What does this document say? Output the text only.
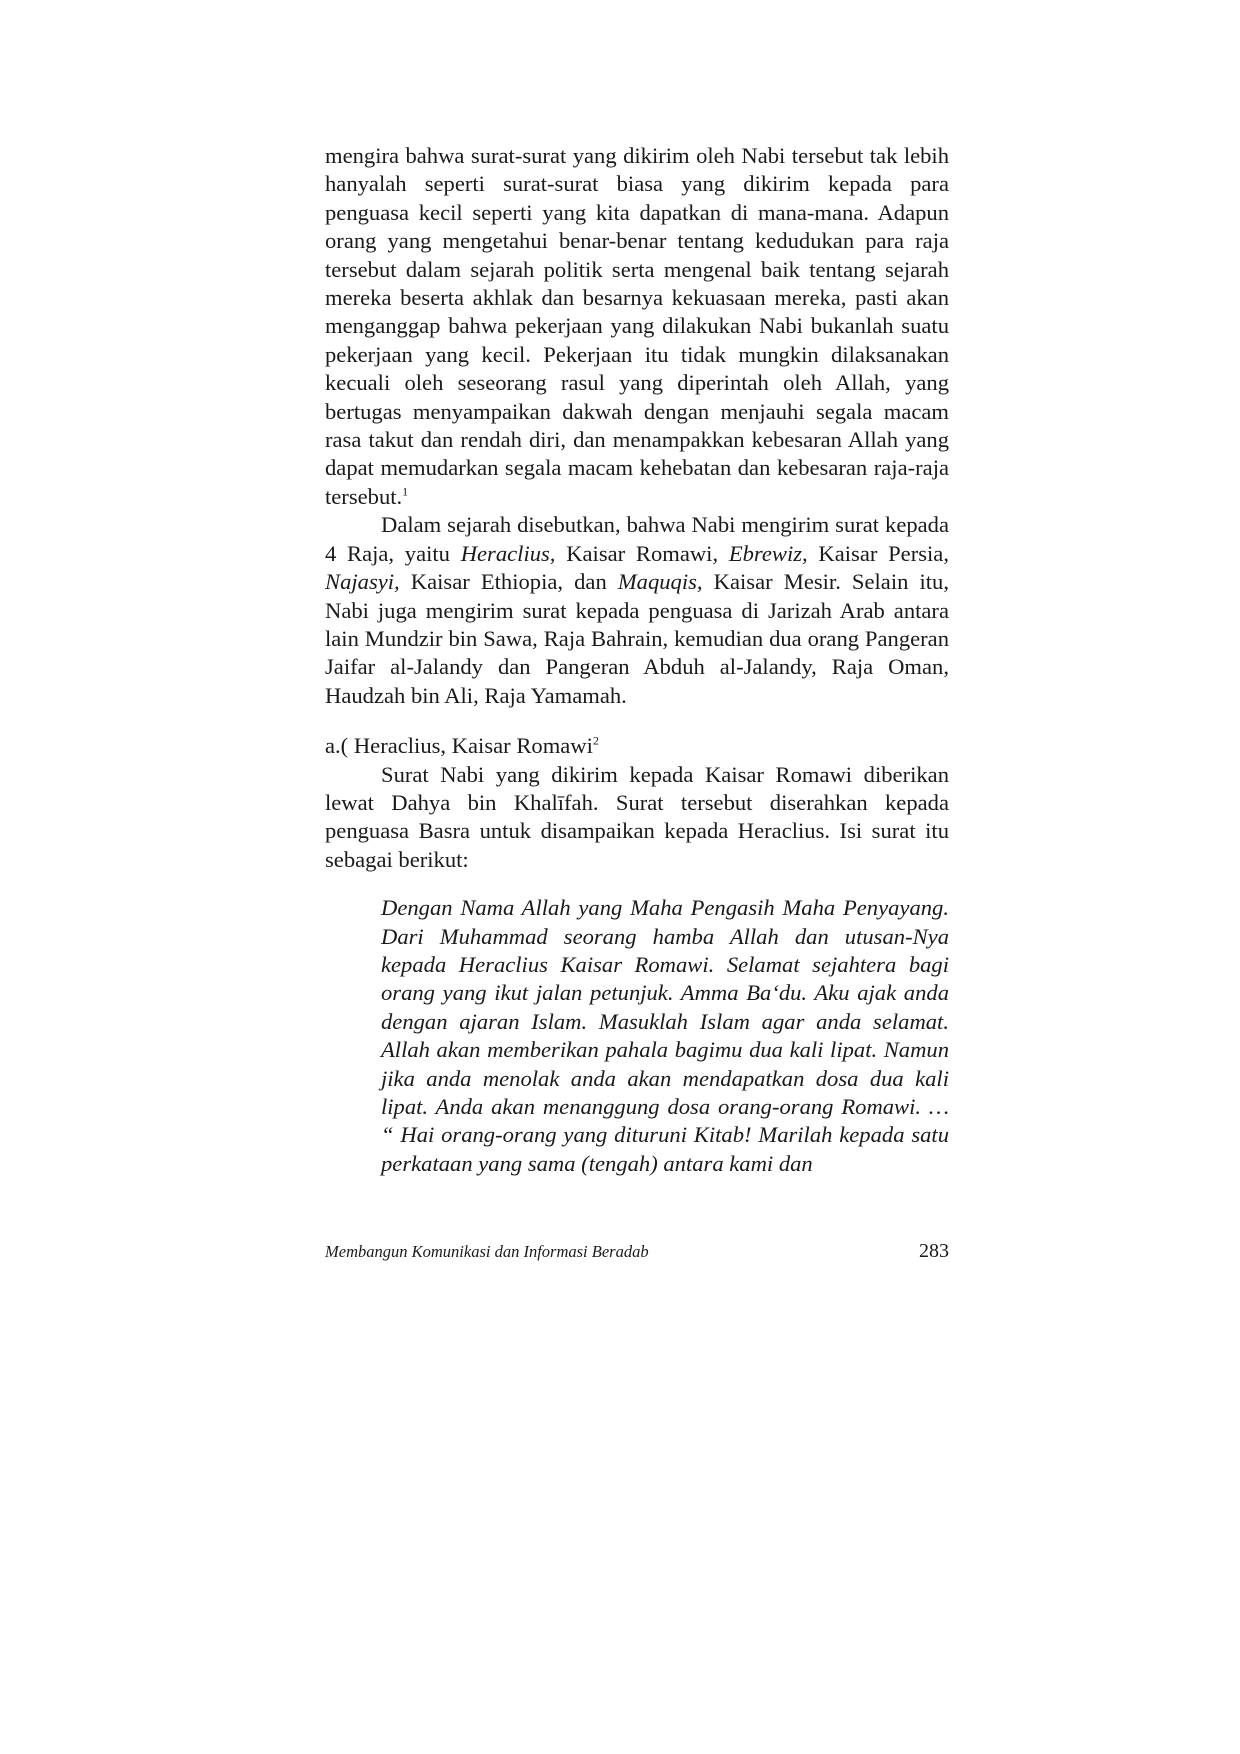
mengira bahwa surat-surat yang dikirim oleh Nabi tersebut tak lebih hanyalah seperti surat-surat biasa yang dikirim kepada para penguasa kecil seperti yang kita dapatkan di mana-mana. Adapun orang yang mengetahui benar-benar tentang kedudukan para raja tersebut dalam sejarah politik serta mengenal baik tentang sejarah mereka beserta akhlak dan besarnya kekuasaan mereka, pasti akan menganggap bahwa pekerjaan yang dilakukan Nabi bukanlah suatu pekerjaan yang kecil. Pekerjaan itu tidak mungkin dilaksanakan kecuali oleh seseorang rasul yang diperintah oleh Allah, yang bertugas menyampaikan dakwah dengan menjauhi segala macam rasa takut dan rendah diri, dan menampakkan kebesaran Allah yang dapat memudarkan segala macam kehebatan dan kebesaran raja-raja tersebut.$^1$

Dalam sejarah disebutkan, bahwa Nabi mengirim surat kepada 4 Raja, yaitu Heraclius, Kaisar Romawi, Ebrewiz, Kaisar Persia, Najasyi, Kaisar Ethiopia, dan Maquqis, Kaisar Mesir. Selain itu, Nabi juga mengirim surat kepada penguasa di Jarizah Arab antara lain Mundzir bin Sawa, Raja Bahrain, kemudian dua orang Pangeran Jaifar al-Jalandy dan Pangeran Abduh al-Jalandy, Raja Oman, Haudzah bin Ali, Raja Yamamah.

a.( Heraclius, Kaisar Romawi$^2$

Surat Nabi yang dikirim kepada Kaisar Romawi diberikan lewat Dahya bin Khalīfah. Surat tersebut diserahkan kepada penguasa Basra untuk disampaikan kepada Heraclius. Isi surat itu sebagai berikut:

Dengan Nama Allah yang Maha Pengasih Maha Penyayang. Dari Muhammad seorang hamba Allah dan utusan-Nya kepada Heraclius Kaisar Romawi. Selamat sejahtera bagi orang yang ikut jalan petunjuk. Amma Ba‘du. Aku ajak anda dengan ajaran Islam. Masuklah Islam agar anda selamat. Allah akan memberikan pahala bagimu dua kali lipat. Namun jika anda menolak anda akan mendapatkan dosa dua kali lipat. Anda akan menanggung dosa orang-orang Romawi. … “ Hai orang-orang yang dituruni Kitab! Marilah kepada satu perkataan yang sama (tengah) antara kami dan

Membangun Komunikasi dan Informasi Beradab	283
